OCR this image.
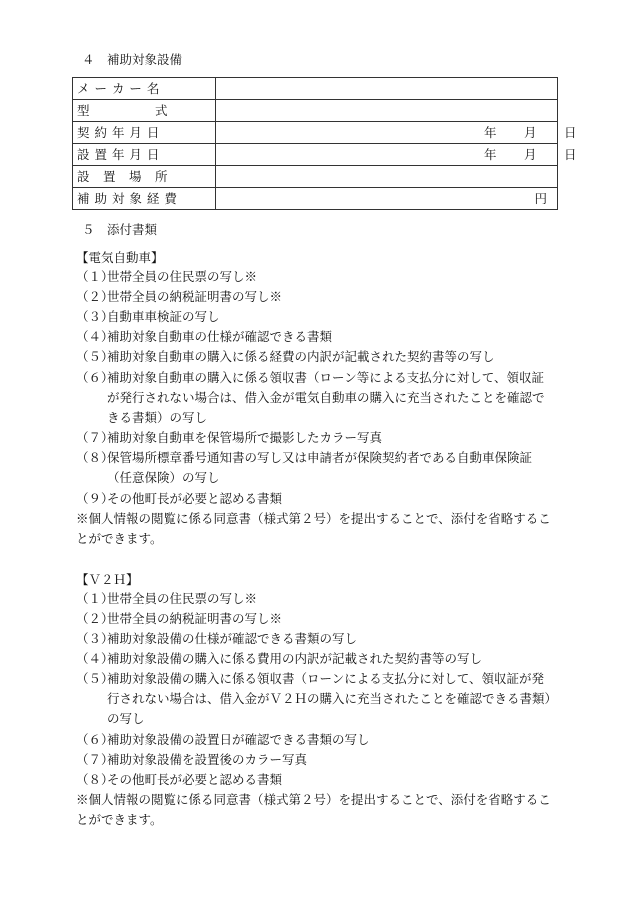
４　補助対象設備
メ ー カ ー 名	
型　　　　　式	
契 約 年 月 日	年 月 日

設 置 年 月 日	年 月 日

設　置　場　所	
補 助 対 象 経 費	円
５　添付書類
【電気自動車】
（１）
世帯全員の住民票の写し※
（２）
世帯全員の納税証明書の写し※
（３）
自動車車検証の写し
（４）
補助対象自動車の仕様が確認できる書類
（５）
補助対象自動車の購入に係る経費の内訳が記載された契約書等の写し
（６）
補助対象自動車の購入に係る領収書（ローン等による支払分に対して、領収証が発行されない場合は、借入金が電気自動車の購入に充当されたことを確認できる書類）の写し
（７）
補助対象自動車を保管場所で撮影したカラー写真
（８）
保管場所標章番号通知書の写し又は申請者が保険契約者である自動車保険証（任意保険）の写し
（９）
その他町長が必要と認める書類
※個人情報の閲覧に係る同意書（様式第２号）を提出することで、添付を省略することができます。
【Ｖ２Ｈ】
（１）
世帯全員の住民票の写し※
（２）
世帯全員の納税証明書の写し※
（３）
補助対象設備の仕様が確認できる書類の写し
（４）
補助対象設備の購入に係る費用の内訳が記載された契約書等の写し
（５）
補助対象設備の購入に係る領収書（ローンによる支払分に対して、領収証が発行されない場合は、借入金がＶ２Ｈの購入に充当されたことを確認できる書類）の写し
（６）
補助対象設備の設置日が確認できる書類の写し
（７）
補助対象設備を設置後のカラー写真
（８）
その他町長が必要と認める書類
※個人情報の閲覧に係る同意書（様式第２号）を提出することで、添付を省略することができます。
